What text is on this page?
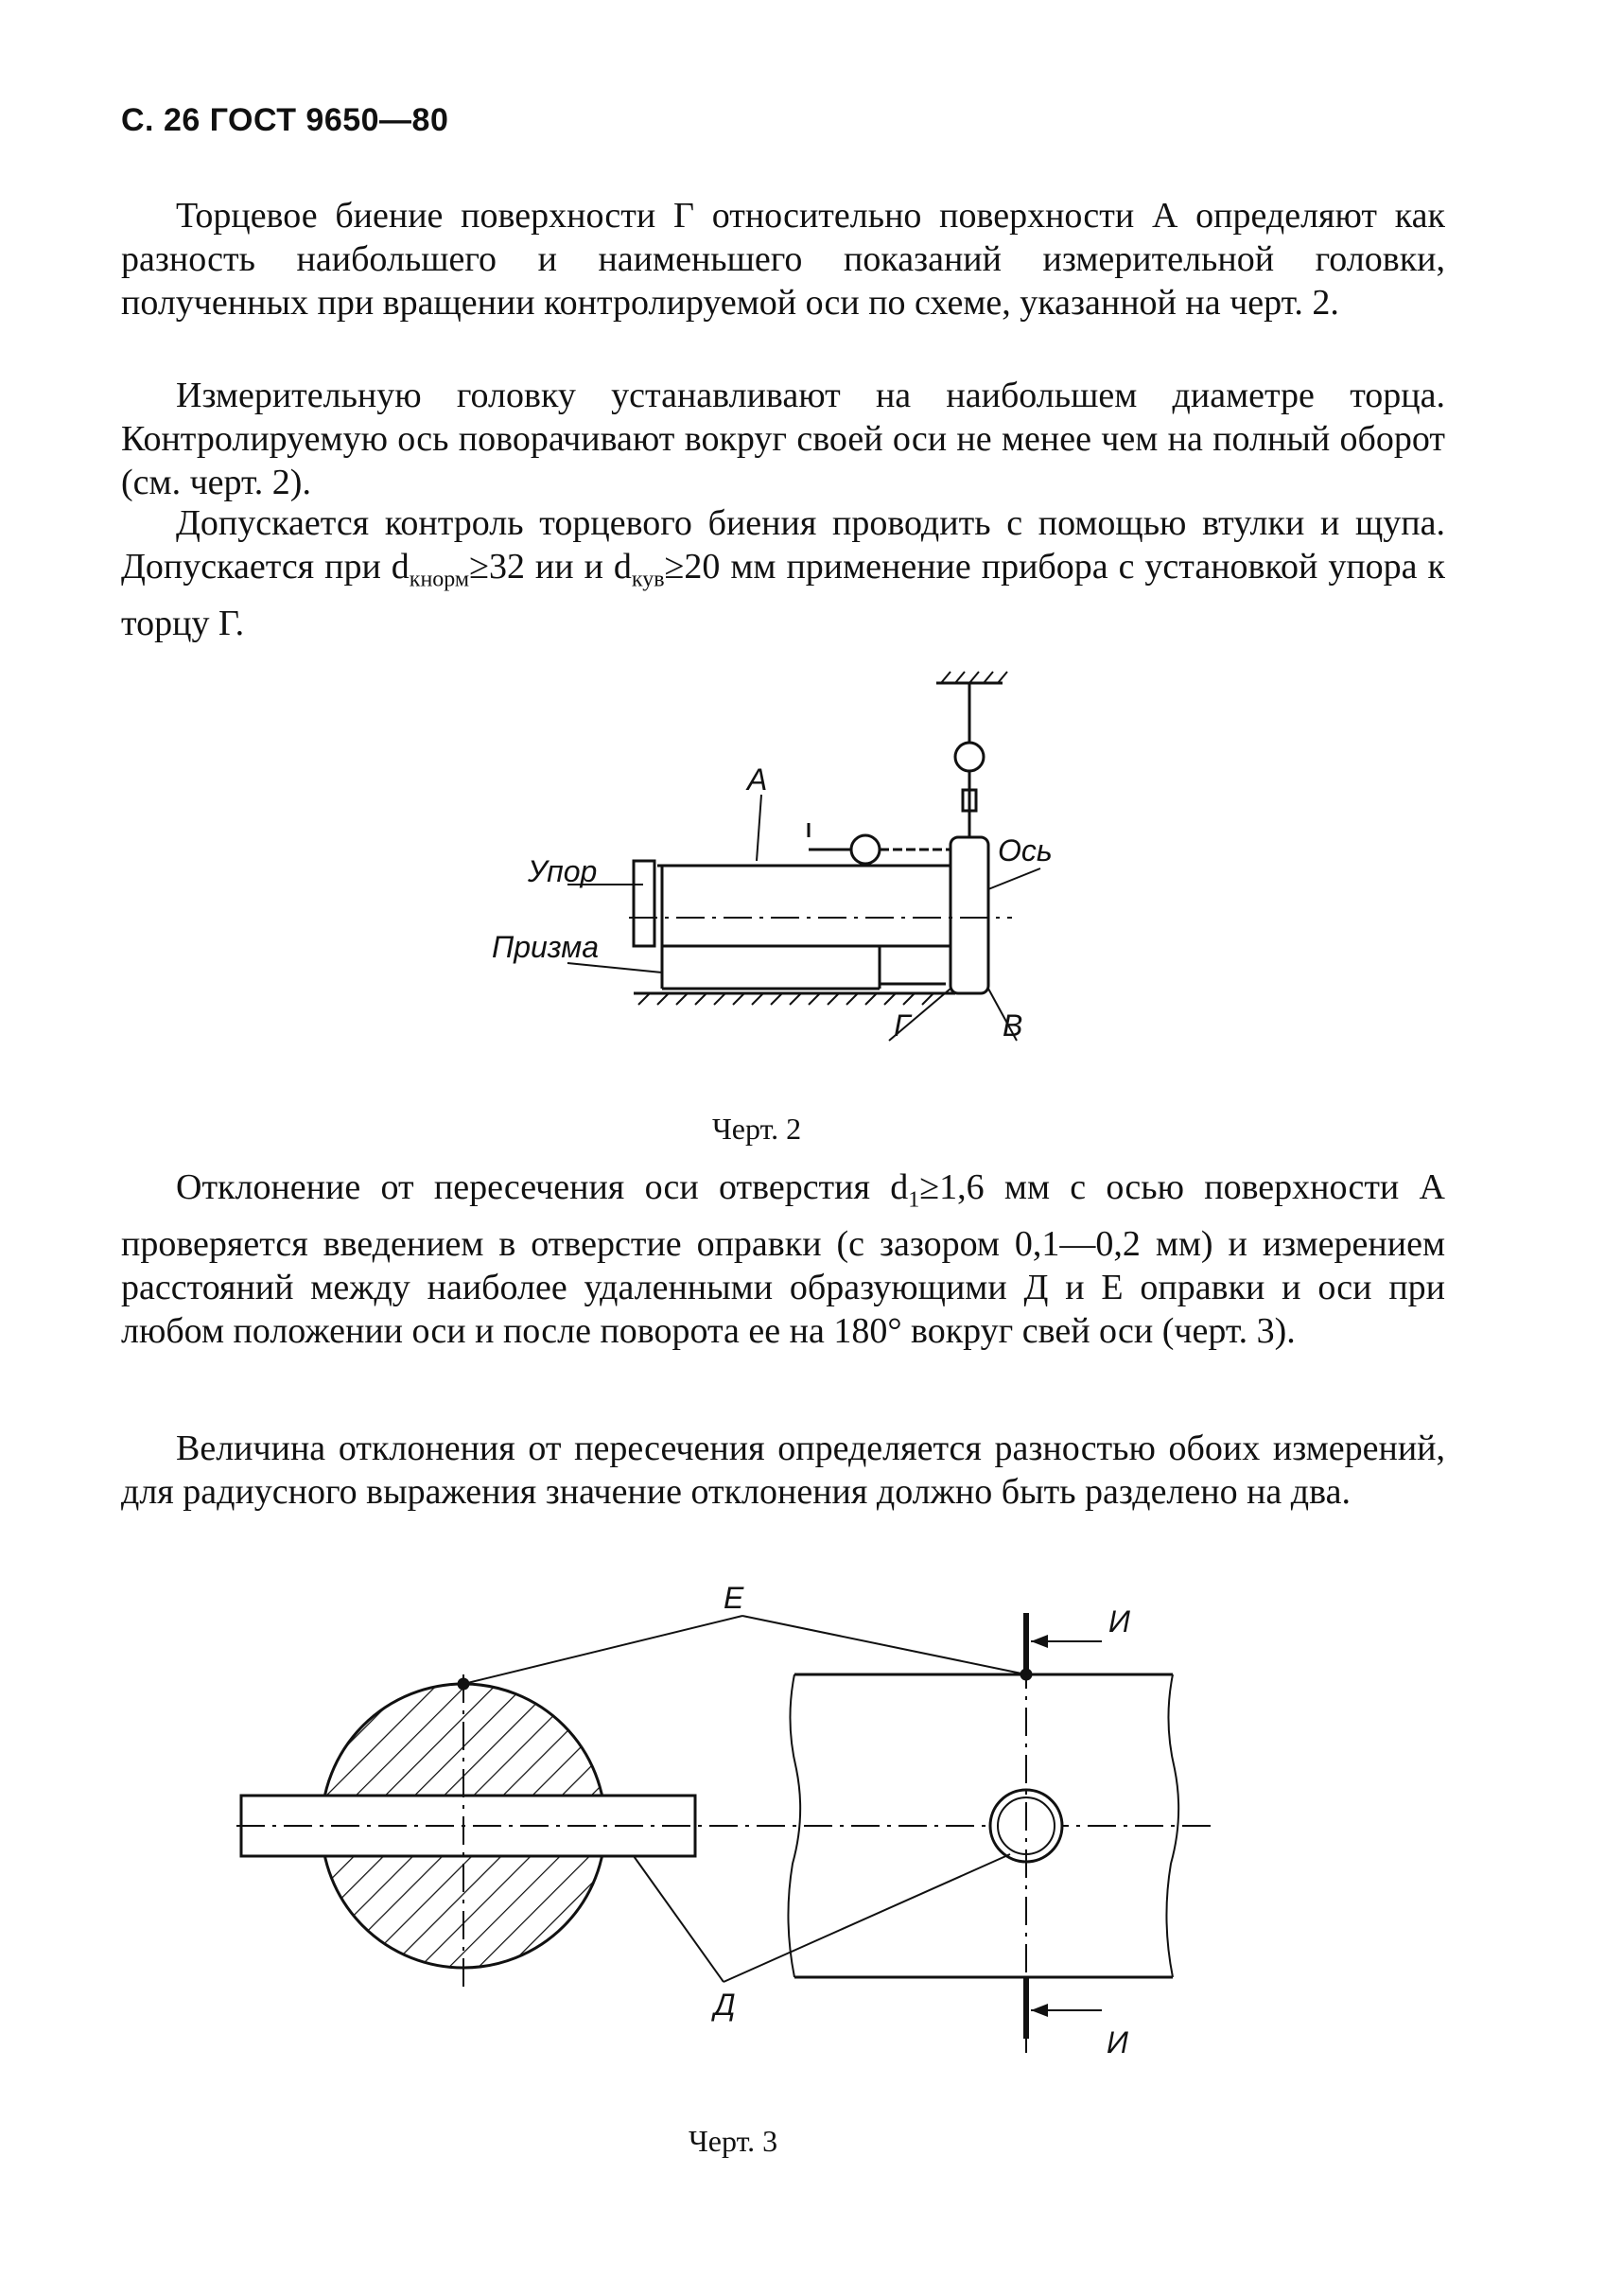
С. 26 ГОСТ 9650—80

Торцевое биение поверхности Г относительно поверхности А определяют как разность наибольшего и наименьшего показаний измерительной головки, полученных при вращении контролируемой оси по схеме, указанной на черт. 2.

Измерительную головку устанавливают на наибольшем диаметре торца. Контролируемую ось поворачивают вокруг своей оси не менее чем на полный оборот (см. черт. 2).

Допускается контроль торцевого биения проводить с помощью втулки и щупа. Допускается при $d_{кнорм}\ge 32$ ии и $d_{кув}\ge 20$ мм применение прибора с установкой упора к торцу Г.

А
Упор
Призма
Ось
Г	В
Черт. 2

Отклонение от пересечения оси отверстия $d_1\ge 1,6$ мм с осью поверхности А проверяется введением в отверстие оправки (с зазором 0,1—0,2 мм) и измерением расстояний между наиболее удаленными образующими Д и Е оправки и оси при любом положении оси и после поворота ее на 180° вокруг свей оси (черт. 3).

Величина отклонения от пересечения определяется разностью обоих измерений, для радиусного выражения значение отклонения должно быть разделено на два.

Е
И
Д
И
Черт. 3
